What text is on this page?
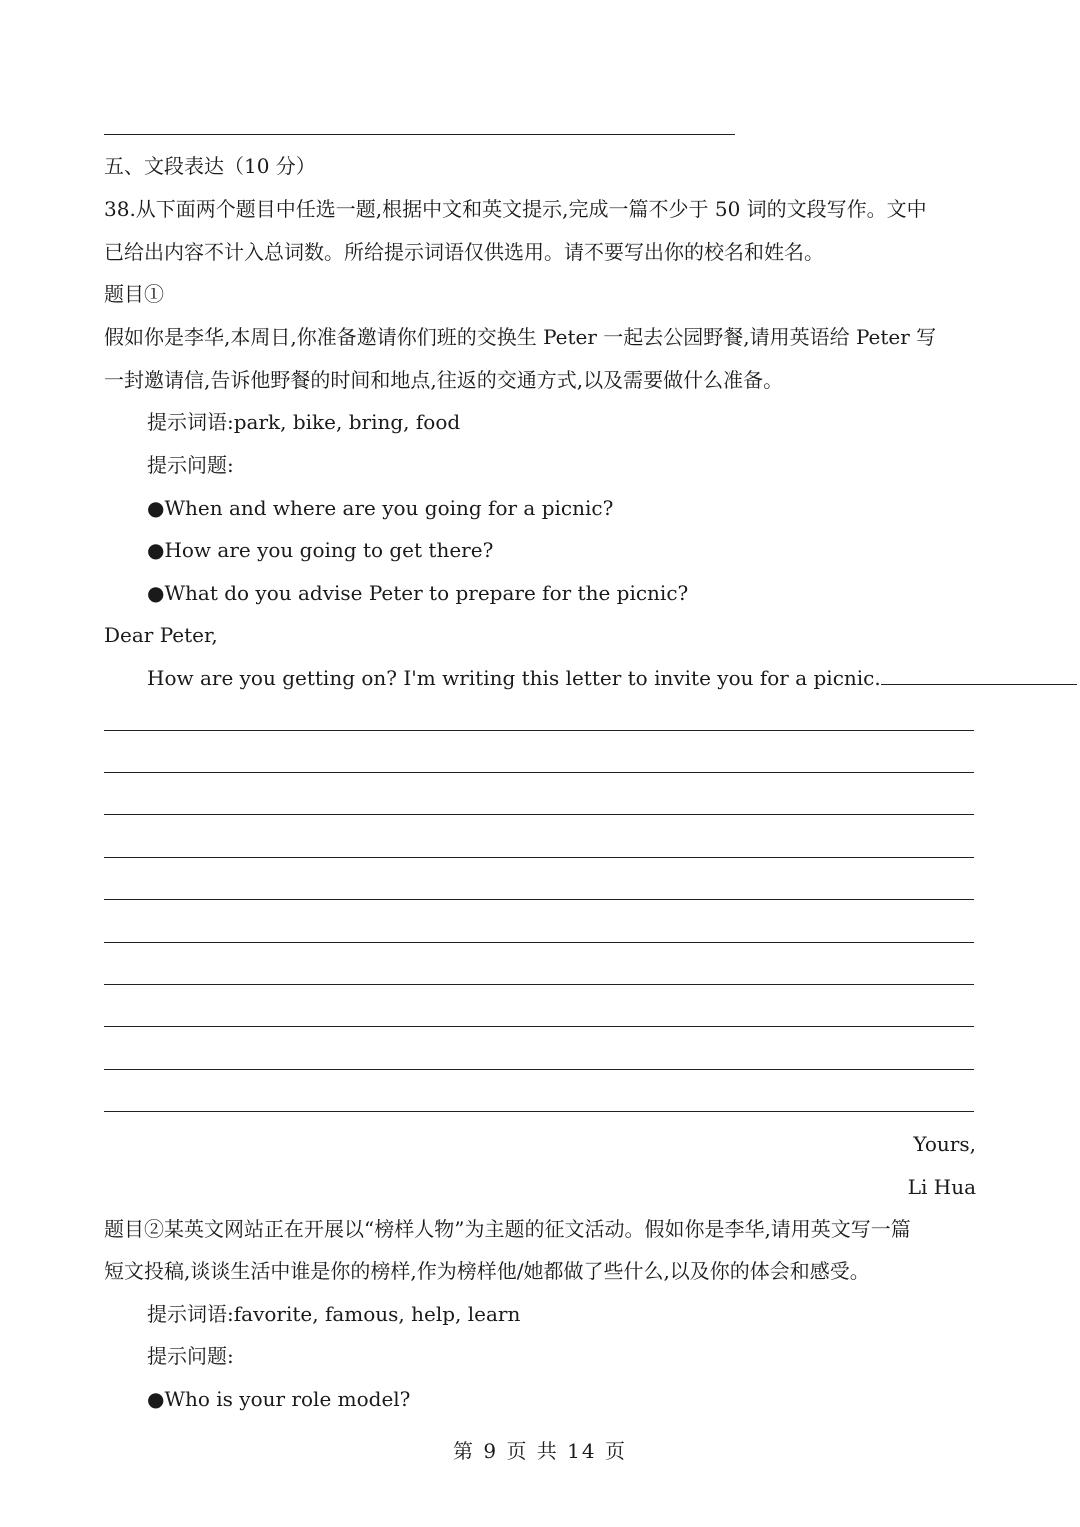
五、文段表达（10 分）
38.从下面两个题目中任选一题,根据中文和英文提示,完成一篇不少于 50 词的文段写作。文中
已给出内容不计入总词数。所给提示词语仅供选用。请不要写出你的校名和姓名。
题目①
假如你是李华,本周日,你准备邀请你们班的交换生 Peter 一起去公园野餐,请用英语给 Peter 写
一封邀请信,告诉他野餐的时间和地点,往返的交通方式,以及需要做什么准备。
提示词语:park, bike, bring, food
提示问题:
●When and where are you going for a picnic?
●How are you going to get there?
●What do you advise Peter to prepare for the picnic?
Dear Peter,
How are you getting on? I'm writing this letter to invite you for a picnic.
Yours,
Li Hua
题目②某英文网站正在开展以“榜样人物”为主题的征文活动。假如你是李华,请用英文写一篇
短文投稿,谈谈生活中谁是你的榜样,作为榜样他/她都做了些什么,以及你的体会和感受。
提示词语:favorite, famous, help, learn
提示问题:
●Who is your role model?
第 9 页 共 14 页
